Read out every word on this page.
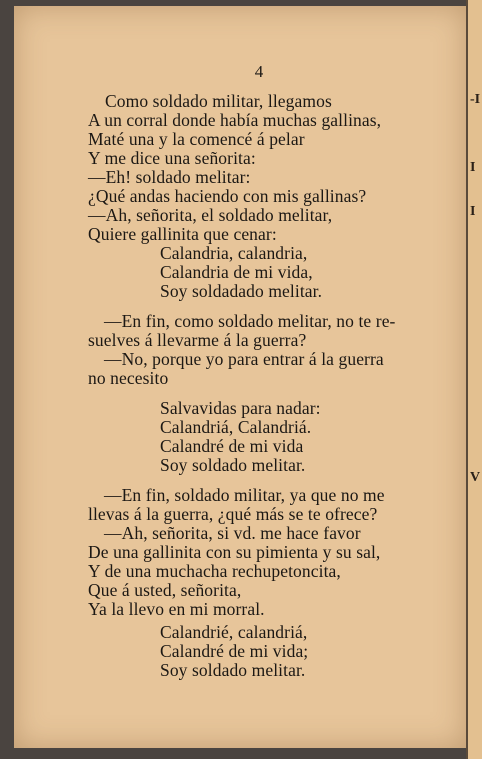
-I
I
I
V
4
Como soldado militar, llegamos
A un corral donde había muchas gallinas,
Maté una y la comencé á pelar
Y me dice una señorita:
—Eh! soldado melitar:
¿Qué andas haciendo con mis gallinas?
—Ah, señorita, el soldado melitar,
Quiere gallinita que cenar:
Calandria, calandria,
Calandria de mi vida,
Soy soldadado melitar.
—En fin, como soldado melitar, no te re-
suelves á llevarme á la guerra?
—No, porque yo para entrar á la guerra
no necesito
Salvavidas para nadar:
Calandriá, Calandriá.
Calandré de mi vida
Soy soldado melitar.
—En fin, soldado militar, ya que no me
llevas á la guerra, ¿qué más se te ofrece?
—Ah, señorita, si vd. me hace favor
De una gallinita con su pimienta y su sal,
Y de una muchacha rechupetoncita,
Que á usted, señorita,
Ya la llevo en mi morral.
Calandrié, calandriá,
Calandré de mi vida;
Soy soldado melitar.
